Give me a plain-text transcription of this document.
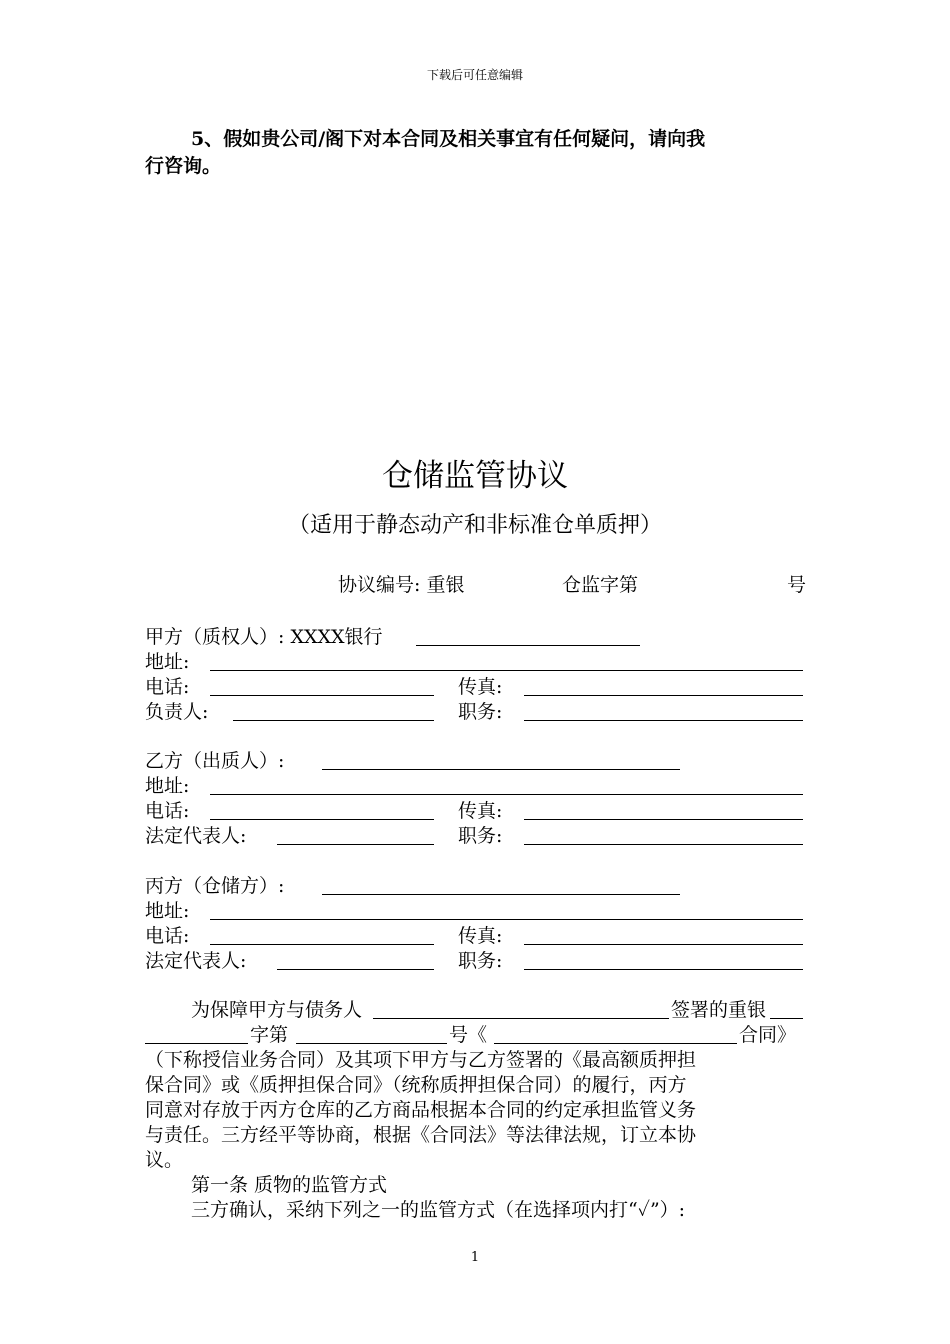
下载后可任意编辑
5、假如贵公司/阁下对本合同及相关事宜有任何疑问，请向我
行咨询。
仓储监管协议
（适用于静态动产和非标准仓单质押）
协议编号: 重银	仓监字第	号
甲方（质权人）: XXXX银行
地址:
电话:	传真:
负责人:	职务:
乙方（出质人）:
地址:
电话:	传真:
法定代表人:	职务:
丙方（仓储方）:
地址:
电话:	传真:
法定代表人:	职务:
为保障甲方与债务人	签署的重银
字第	号《	合同》
（下称授信业务合同）及其项下甲方与乙方签署的《最高额质押担
保合同》或《质押担保合同》（统称质押担保合同）的履行，丙方
同意对存放于丙方仓库的乙方商品根据本合同的约定承担监管义务
与责任。三方经平等协商，根据《合同法》等法律法规，订立本协
议。
第一条 质物的监管方式
三方确认，采纳下列之一的监管方式（在选择项内打“✓”）:
1
